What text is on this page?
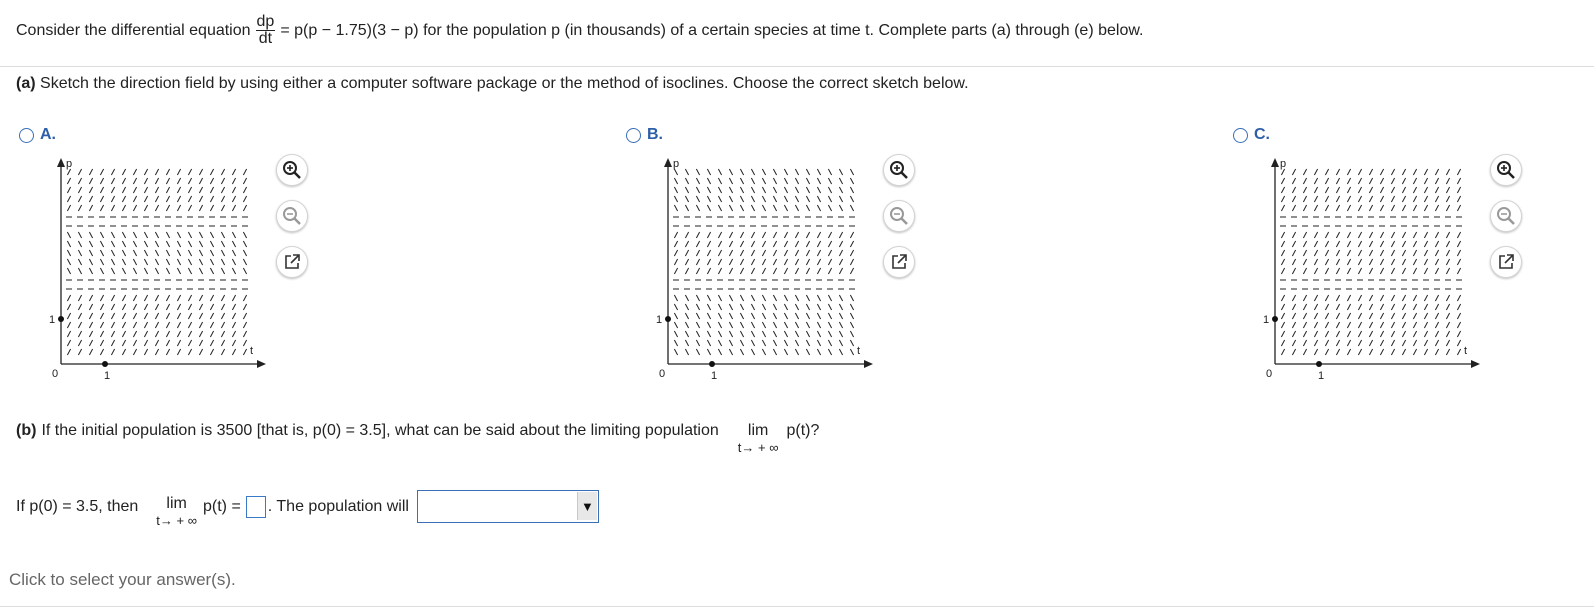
Consider the differential equation $\frac{dp}{dt} = p(p - 1.75)(3 - p)$ for the population p (in thousands) of a certain species at time t. Complete parts (a) through (e) below.
(a) Sketch the direction field by using either a computer software package or the method of isoclines. Choose the correct sketch below.
A.
p
t
0	1
1
B.
p
t
0	1
1
C.
p
t
0	1
1
(b) If the initial population is 3500 [that is, p(0) = 3.5], what can be said about the limiting population lim
t→ + ∞
p(t)?
If p(0) = 3.5, then lim
t→ + ∞
p(t) = . The population will	▼
Click to select your answer(s).
